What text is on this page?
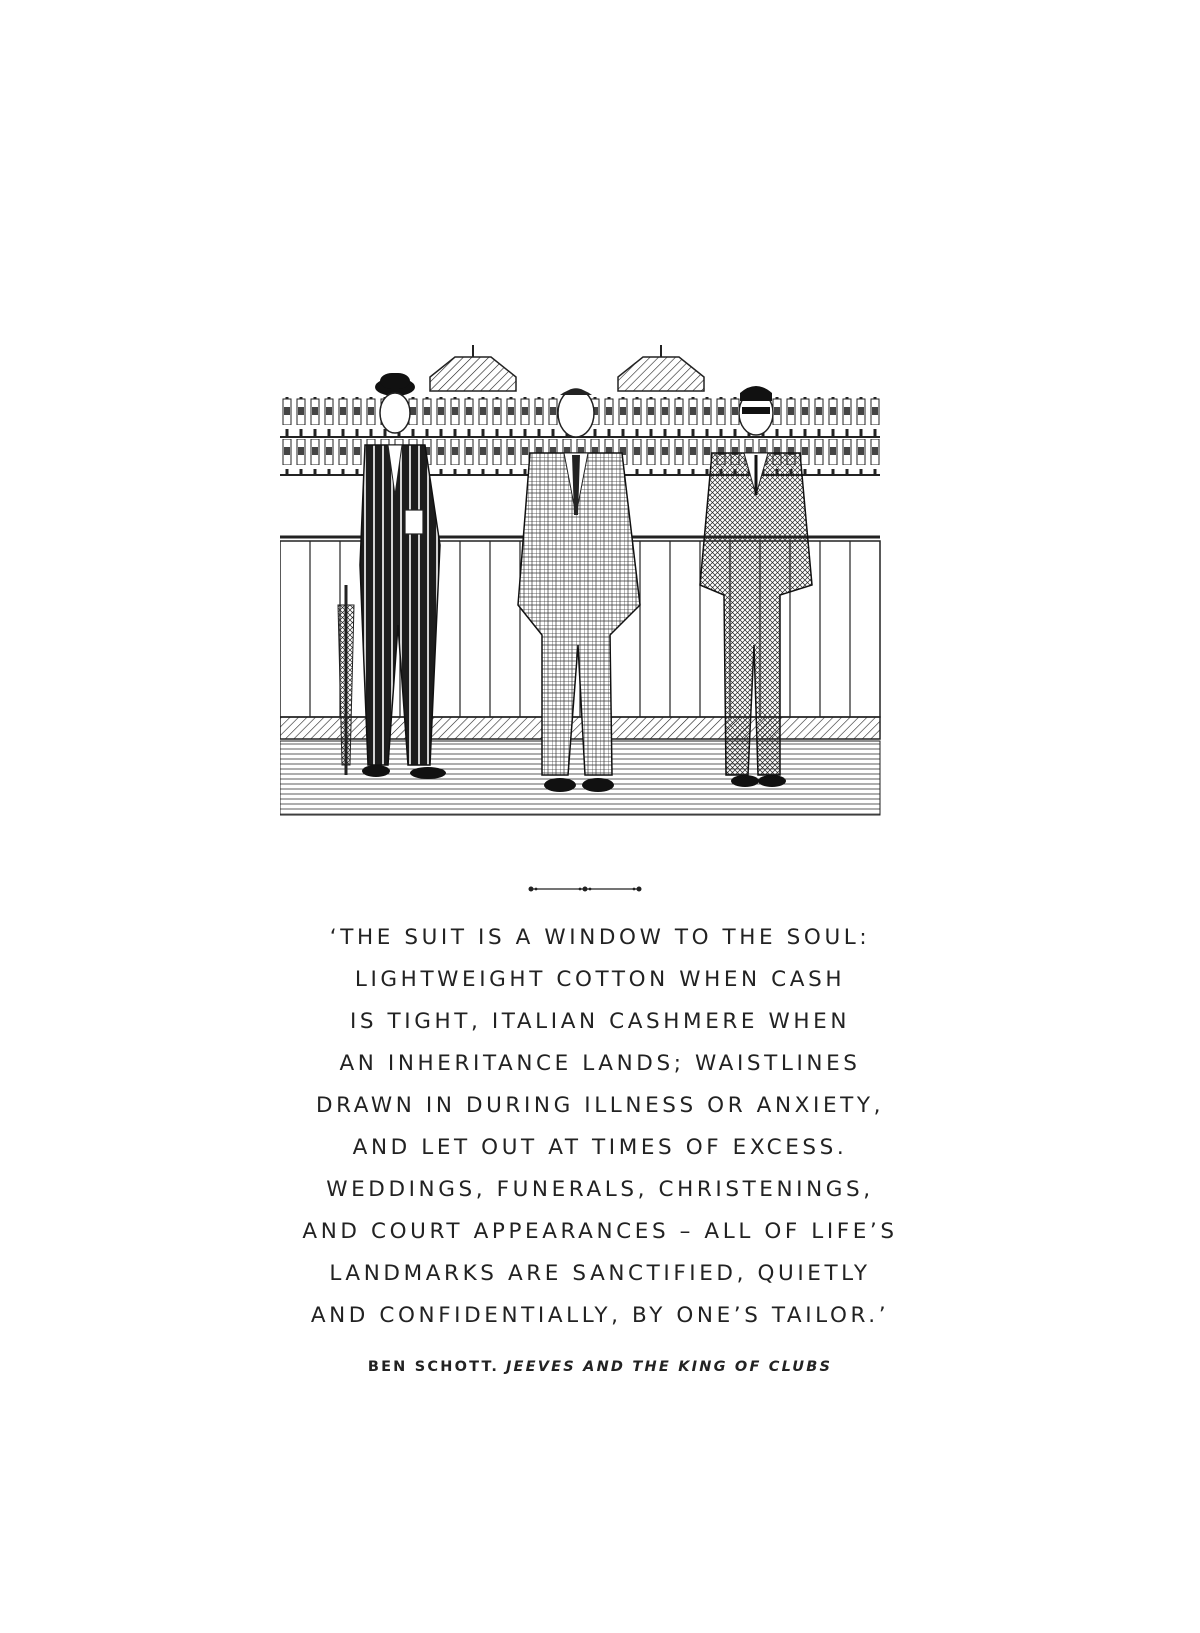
‘THE SUIT IS A WINDOW TO THE SOUL:
LIGHTWEIGHT COTTON WHEN CASH
IS TIGHT, ITALIAN CASHMERE WHEN
AN INHERITANCE LANDS; WAISTLINES
DRAWN IN DURING ILLNESS OR ANXIETY,
AND LET OUT AT TIMES OF EXCESS.
WEDDINGS, FUNERALS, CHRISTENINGS,
AND COURT APPEARANCES – ALL OF LIFE’S
LANDMARKS ARE SANCTIFIED, QUIETLY
AND CONFIDENTIALLY, BY ONE’S TAILOR.’
BEN SCHOTT. JEEVES AND THE KING OF CLUBS
